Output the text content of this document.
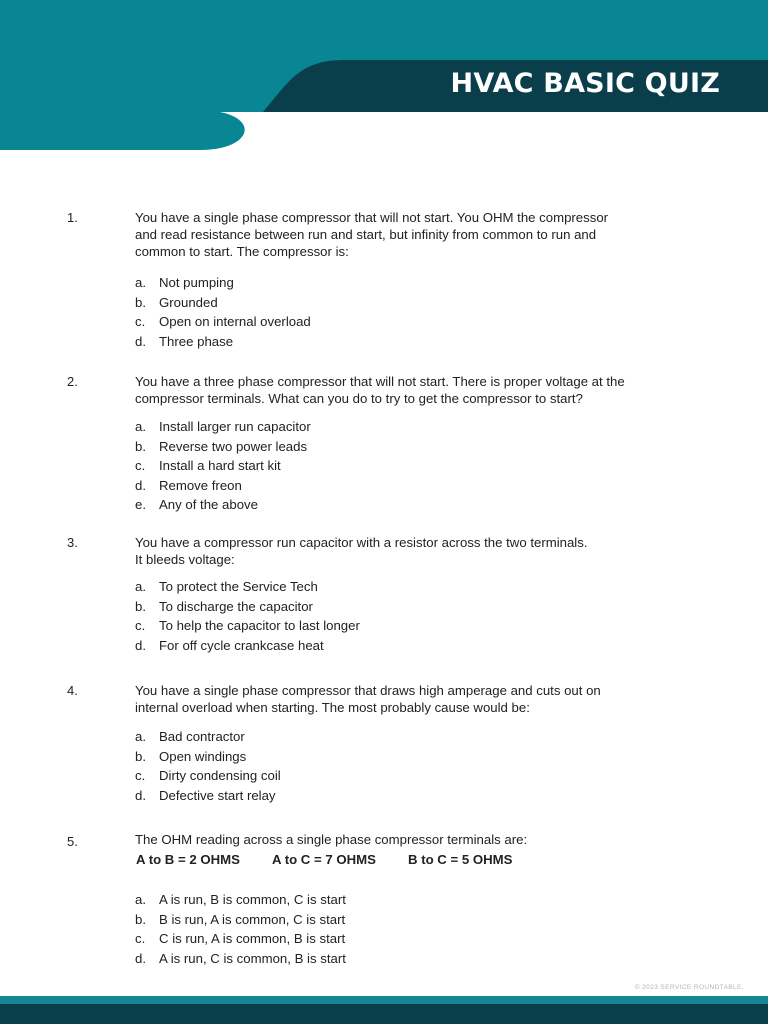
HVAC BASIC QUIZ
1.	You have a single phase compressor that will not start. You OHM the compressor
and read resistance between run and start, but infinity from common to run and
common to start. The compressor is:
a. Not pumping
b. Grounded
c. Open on internal overload
d. Three phase
2.	You have a three phase compressor that will not start. There is proper voltage at the
compressor terminals. What can you do to try to get the compressor to start?
a. Install larger run capacitor
b. Reverse two power leads
c. Install a hard start kit
d. Remove freon
e. Any of the above
3.	You have a compressor run capacitor with a resistor across the two terminals.
It bleeds voltage:
a. To protect the Service Tech
b. To discharge the capacitor
c. To help the capacitor to last longer
d. For off cycle crankcase heat
4.	You have a single phase compressor that draws high amperage and cuts out on
internal overload when starting. The most probably cause would be:
a. Bad contractor
b. Open windings
c. Dirty condensing coil
d. Defective start relay
5.	The OHM reading across a single phase compressor terminals are:
A to B = 2 OHMS A to C = 7 OHMS B to C = 5 OHMS
a. A is run, B is common, C is start
b. B is run, A is common, C is start
c. C is run, A is common, B is start
d. A is run, C is common, B is start
© 2023 SERVICE ROUNDTABLE.
